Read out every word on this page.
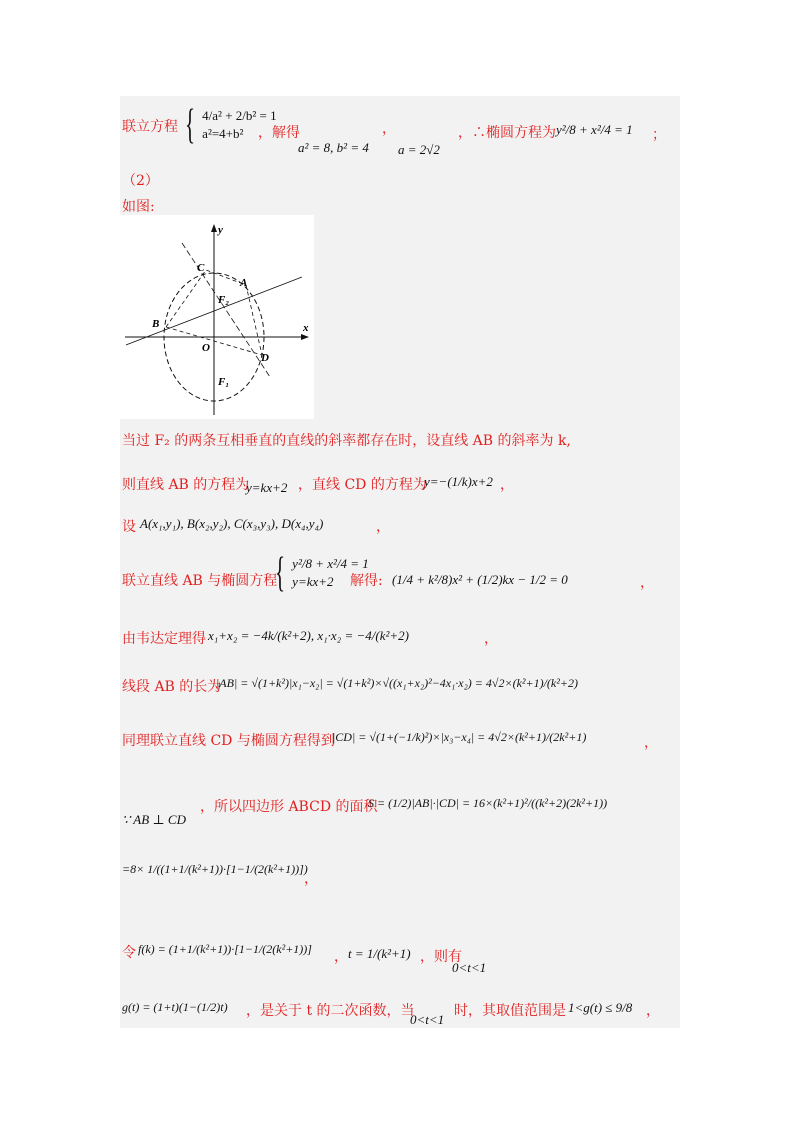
联立方程 { 4/a² + 2/b² = 1
a²=4+b²	，解得
a² = 8, b² = 4
，
a = 2√2
，∴椭圆方程为 y²/8 + x²/4 = 1 ；
（2）
如图:
y
x
C
A
F₂
B
O
D
F₁
当过 F₂ 的两条互相垂直的直线的斜率都存在时，设直线 AB 的斜率为 k,
则直线 AB 的方程为
y=kx+2 ，直线 CD 的方程为
y=−(1/k)x+2 ，
设 A(x₁,y₁), B(x₂,y₂), C(x₃,y₃), D(x₄,y₄)	，
联立直线 AB 与椭圆方程
{ y²/8 + x²/4 = 1
y=kx+2	解得: (1/4 + k²/8)x² + (1/2)kx − 1/2 = 0	，
由韦达定理得 x₁+x₂ = −4k/(k²+2), x₁·x₂ = −4/(k²+2)	，
线段 AB 的长为
|AB| = √(1+k²)|x₁−x₂| = √(1+k²)×√((x₁+x₂)²−4x₁·x₂) = 4√2×(k²+1)/(k²+2)
同理联立直线 CD 与椭圆方程得到
|CD| = √(1+(−1/k)²)×|x₃−x₄| = 4√2×(k²+1)/(2k²+1)	，
，所以四边形 ABCD 的面积
S = (1/2)|AB|·|CD| = 16×(k²+1)²/((k²+2)(2k²+1))
∵ AB ⊥ CD
=8× 1/((1+1/(k²+1))·[1−1/(2(k²+1))])
，
令 f(k) = (1+1/(k²+1))·[1−1/(2(k²+1))] ， t = 1/(k²+1) ，则有
0<t<1
g(t) = (1+t)(1−(1/2)t) ，是关于 t 的二次函数，当
0<t<1
时，其取值范围是 1<g(t) ≤ 9/8 ，
